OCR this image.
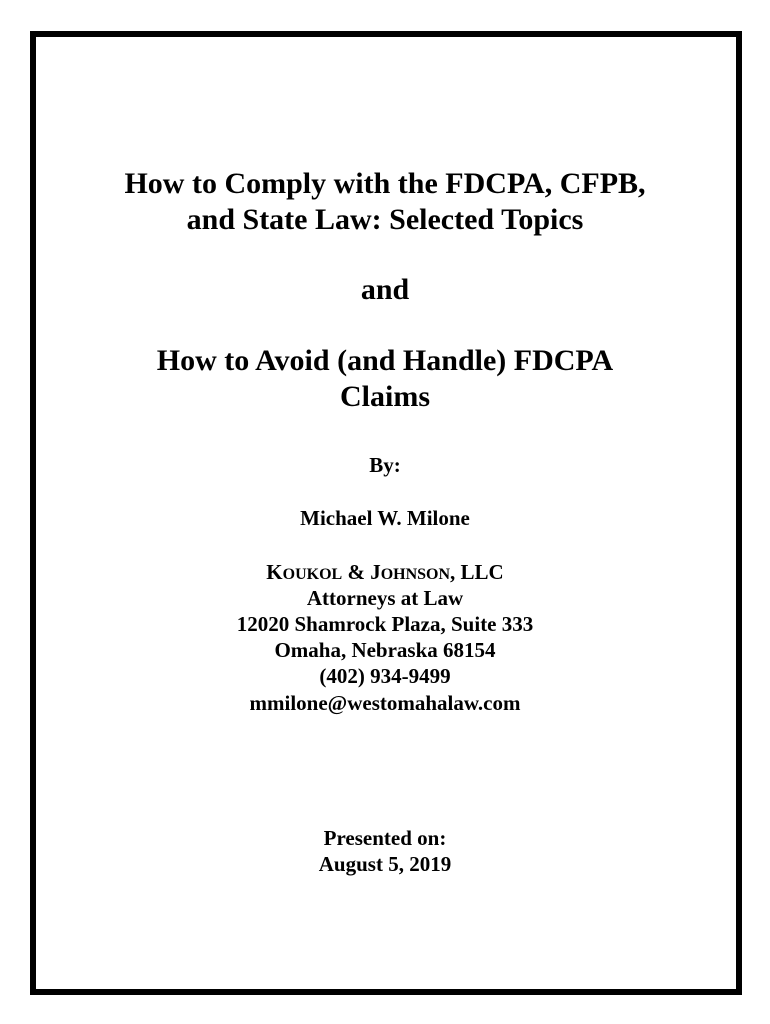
How to Comply with the FDCPA, CFPB,
and State Law: Selected Topics
and
How to Avoid (and Handle) FDCPA
Claims
By:
Michael W. Milone
KOUKOL & JOHNSON, LLC
Attorneys at Law
12020 Shamrock Plaza, Suite 333
Omaha, Nebraska 68154
(402) 934-9499
mmilone@westomahalaw.com
Presented on:
August 5, 2019
